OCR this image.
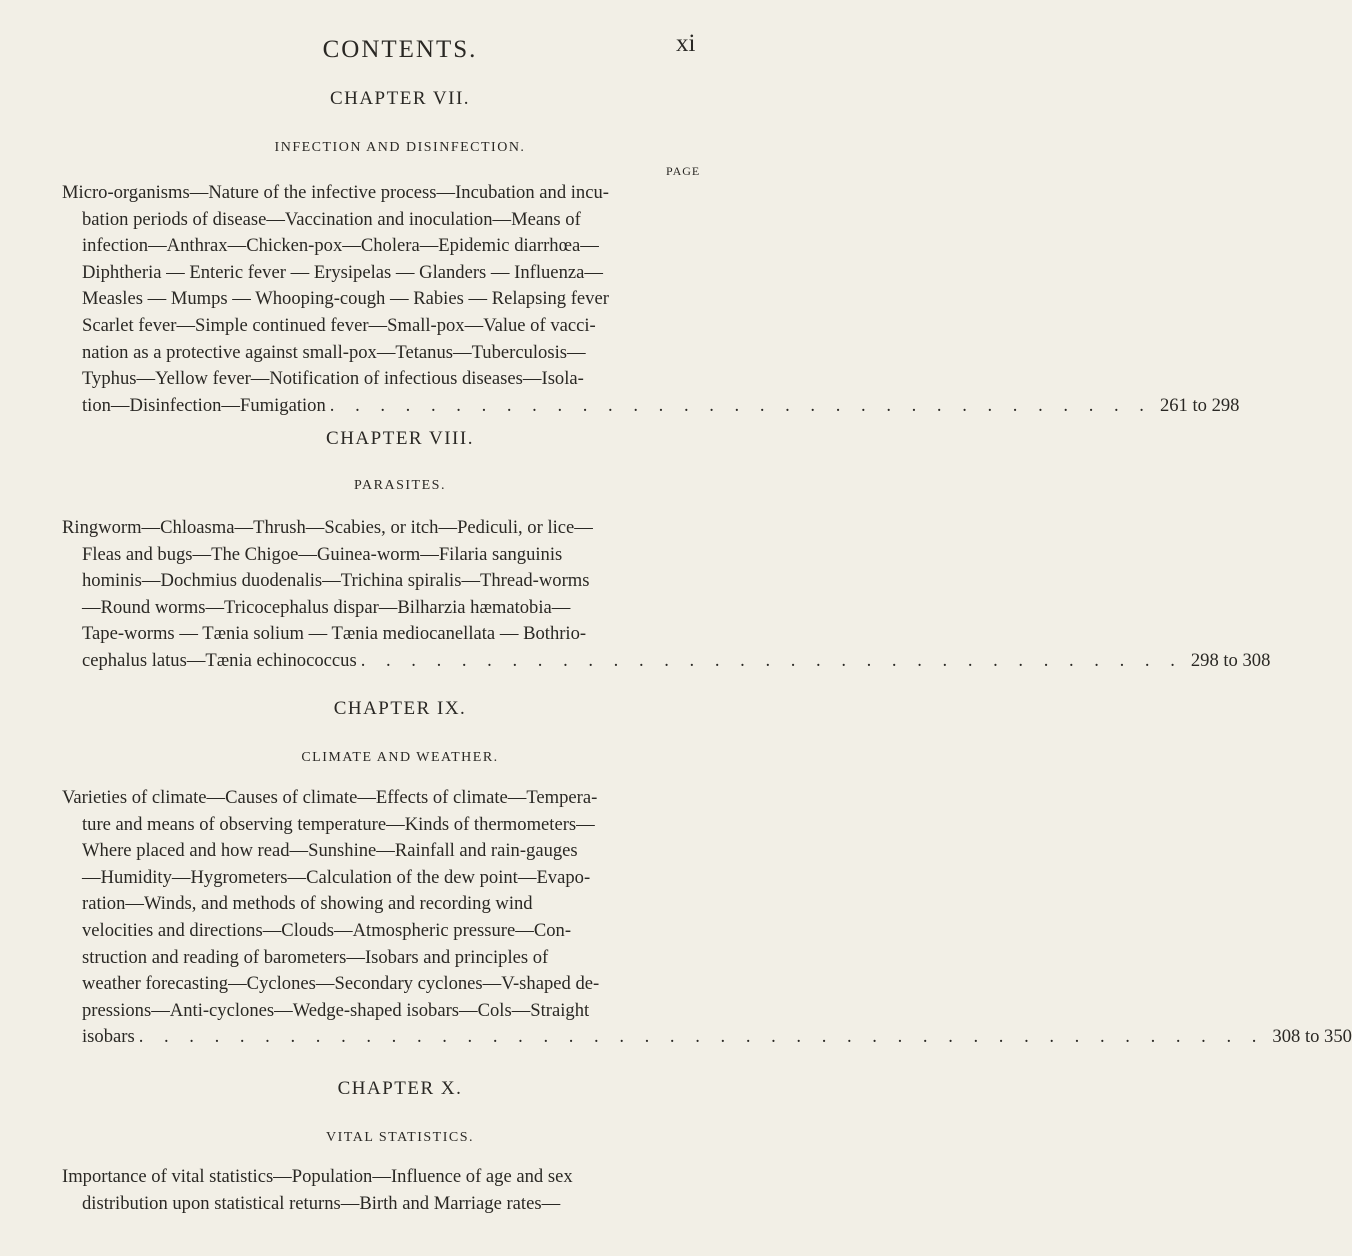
CONTENTS.	xi
CHAPTER VII.
INFECTION AND DISINFECTION.
PAGE
Micro-organisms—Nature of the infective process—Incubation and incu-
bation periods of disease—Vaccination and inoculation—Means of
infection—Anthrax—Chicken-pox—Cholera—Epidemic diarrhœa—
Diphtheria — Enteric fever — Erysipelas — Glanders — Influenza—
Measles — Mumps — Whooping-cough — Rabies — Relapsing fever
Scarlet fever—Simple continued fever—Small-pox—Value of vacci-
nation as a protective against small-pox—Tetanus—Tuberculosis—
Typhus—Yellow fever—Notification of infectious diseases—Isola-
tion—Disinfection—Fumigation . . . . . . . . . . . . . . . . . . . . . . . . . . . . . . . . . 261 to 298
CHAPTER VIII.
PARASITES.
Ringworm—Chloasma—Thrush—Scabies, or itch—Pediculi, or lice—
Fleas and bugs—The Chigoe—Guinea-worm—Filaria sanguinis
hominis—Dochmius duodenalis—Trichina spiralis—Thread-worms
—Round worms—Tricocephalus dispar—Bilharzia hæmatobia—
Tape-worms — Tænia solium — Tænia mediocanellata — Bothrio-
cephalus latus—Tænia echinococcus . . . . . . . . . . . . . . . . . . . . . . . . . . . . . . . . . 298 to 308
CHAPTER IX.
CLIMATE AND WEATHER.
Varieties of climate—Causes of climate—Effects of climate—Tempera-
ture and means of observing temperature—Kinds of thermometers—
Where placed and how read—Sunshine—Rainfall and rain-gauges
—Humidity—Hygrometers—Calculation of the dew point—Evapo-
ration—Winds, and methods of showing and recording wind
velocities and directions—Clouds—Atmospheric pressure—Con-
struction and reading of barometers—Isobars and principles of
weather forecasting—Cyclones—Secondary cyclones—V-shaped de-
pressions—Anti-cyclones—Wedge-shaped isobars—Cols—Straight
isobars . . . . . . . . . . . . . . . . . . . . . . . . . . . . . . . . . . . . . . . . . . . . . 308 to 350
CHAPTER X.
VITAL STATISTICS.
Importance of vital statistics—Population—Influence of age and sex
distribution upon statistical returns—Birth and Marriage rates—
